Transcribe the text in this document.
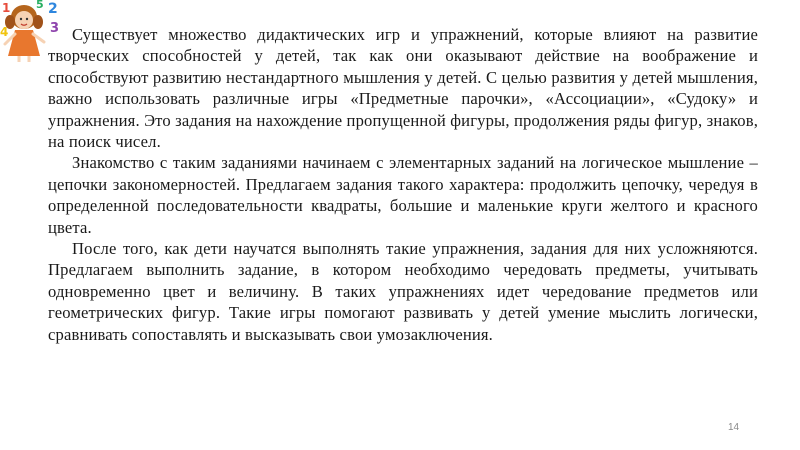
1 5 2
4	3 Существует множество дидактических игр и упражнений, которые влияют на развитие творческих способностей у детей, так как они оказывают действие на воображение и способствуют развитию нестандартного мышления у детей. С целью развития у детей мышления, важно использовать различные игры «Предметные парочки», «Ассоциации», «Судоку» и упражнения. Это задания на нахождение пропущенной фигуры, продолжения ряды фигур, знаков, на поиск чисел.

Знакомство с таким заданиями начинаем с элементарных заданий на логическое мышление – цепочки закономерностей. Предлагаем задания такого характера: продолжить цепочку, чередуя в определенной последовательности квадраты, большие и маленькие круги желтого и красного цвета.

После того, как дети научатся выполнять такие упражнения, задания для них усложняются. Предлагаем выполнить задание, в котором необходимо чередовать предметы, учитывать одновременно цвет и величину. В таких упражнениях идет чередование предметов или геометрических фигур. Такие игры помогают развивать у детей умение мыслить логически, сравнивать сопоставлять и высказывать свои умозаключения.

14
